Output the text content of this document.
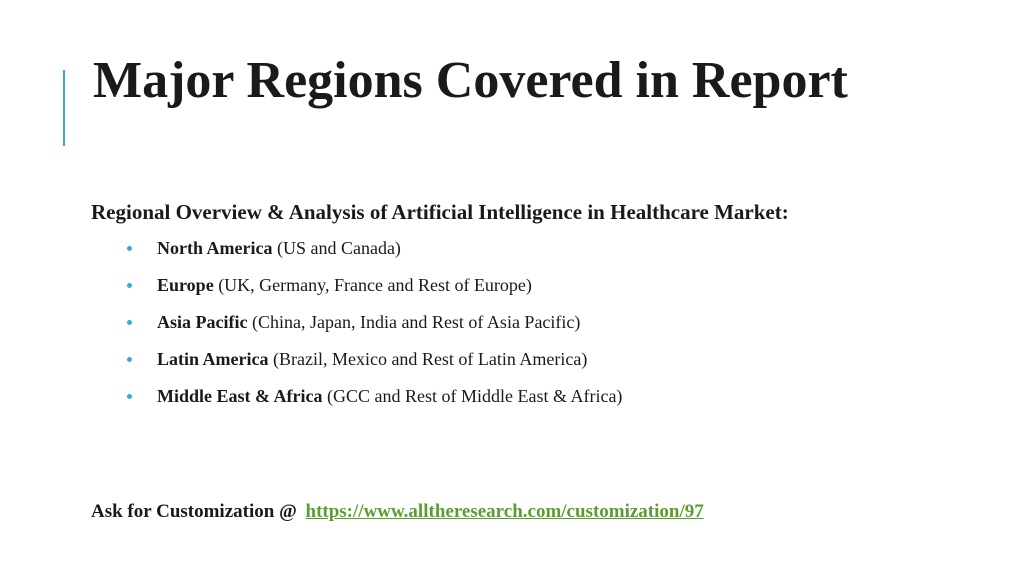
Major Regions Covered in Report

Regional Overview & Analysis of Artificial Intelligence in Healthcare Market:

North America (US and Canada)
Europe (UK, Germany, France and Rest of Europe)
Asia Pacific (China, Japan, India and Rest of Asia Pacific)
Latin America (Brazil, Mexico and Rest of Latin America)
Middle East & Africa (GCC and Rest of Middle East & Africa)

Ask for Customization @ https://www.alltheresearch.com/customization/97
